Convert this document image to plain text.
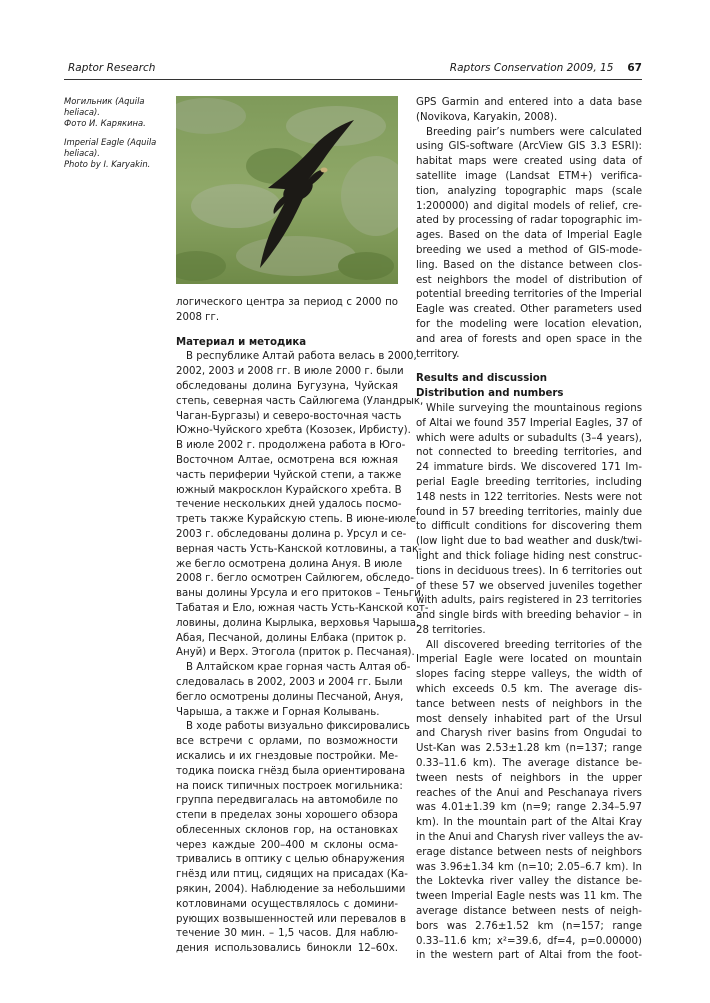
Raptor Research	Raptors Conservation 2009, 15 67
Могильник (Aquila
heliaca).
Фото И. Карякина.
Imperial Eagle (Aquila
heliaca).
Photo by I. Karyakin.
логического центра за период с 2000 по
2008 гг.
Материал и методика
В республике Алтай работа велась в 2000,
2002, 2003 и 2008 гг. В июле 2000 г. были
обследованы долина Бугузуна, Чуйская
степь, северная часть Сайлюгема (Уландрык,
Чаган-Бургазы) и северо-восточная часть
Южно-Чуйского хребта (Козозек, Ирбисту).
В июле 2002 г. продолжена работа в Юго-
Восточном Алтае, осмотрена вся южная
часть периферии Чуйской степи, а также
южный макросклон Курайского хребта. В
течение нескольких дней удалось посмо-
треть также Курайскую степь. В июне-июле
2003 г. обследованы долина р. Урсул и се-
верная часть Усть-Канской котловины, а так-
же бегло осмотрена долина Ануя. В июле
2008 г. бегло осмотрен Сайлюгем, обследо-
ваны долины Урсула и его притоков – Теньги,
Табатая и Ело, южная часть Усть-Канской кот-
ловины, долина Кырлыка, верховья Чарыша,
Абая, Песчаной, долины Елбака (приток р.
Ануй) и Верх. Этогола (приток р. Песчаная).
В Алтайском крае горная часть Алтая об-
следовалась в 2002, 2003 и 2004 гг. Были
бегло осмотрены долины Песчаной, Ануя,
Чарыша, а также и Горная Колывань.
В ходе работы визуально фиксировались
все встречи с орлами, по возможности
искались и их гнездовые постройки. Ме-
тодика поиска гнёзд была ориентирована
на поиск типичных построек могильника:
группа передвигалась на автомобиле по
степи в пределах зоны хорошего обзора
облесенных склонов гор, на остановках
через каждые 200–400 м склоны осма-
тривались в оптику с целью обнаружения
гнёзд или птиц, сидящих на присадах (Ка-
рякин, 2004). Наблюдение за небольшими
котловинами осуществлялось с домини-
рующих возвышенностей или перевалов в
течение 30 мин. – 1,5 часов. Для наблю-
дения использовались бинокли 12–60х.
GPS Garmin and entered into a data base
(Novikova, Karyakin, 2008).
Breeding pair’s numbers were calculated
using GIS-software (ArcView GIS 3.3 ESRI):
habitat maps were created using data of
satellite image (Landsat ETM+) verifica-
tion, analyzing topographic maps (scale
1:200000) and digital models of relief, cre-
ated by processing of radar topographic im-
ages. Based on the data of Imperial Eagle
breeding we used a method of GIS-mode-
ling. Based on the distance between clos-
est neighbors the model of distribution of
potential breeding territories of the Imperial
Eagle was created. Other parameters used
for the modeling were location elevation,
and area of forests and open space in the
territory.
Results and discussion
Distribution and numbers
While surveying the mountainous regions
of Altai we found 357 Imperial Eagles, 37 of
which were adults or subadults (3–4 years),
not connected to breeding territories, and
24 immature birds. We discovered 171 Im-
perial Eagle breeding territories, including
148 nests in 122 territories. Nests were not
found in 57 breeding territories, mainly due
to difficult conditions for discovering them
(low light due to bad weather and dusk/twi-
light and thick foliage hiding nest construc-
tions in deciduous trees). In 6 territories out
of these 57 we observed juveniles together
with adults, pairs registered in 23 territories
and single birds with breeding behavior – in
28 territories.
All discovered breeding territories of the
Imperial Eagle were located on mountain
slopes facing steppe valleys, the width of
which exceeds 0.5 km. The average dis-
tance between nests of neighbors in the
most densely inhabited part of the Ursul
and Charysh river basins from Ongudai to
Ust-Kan was 2.53±1.28 km (n=137; range
0.33–11.6 km). The average distance be-
tween nests of neighbors in the upper
reaches of the Anui and Peschanaya rivers
was 4.01±1.39 km (n=9; range 2.34–5.97
km). In the mountain part of the Altai Kray
in the Anui and Charysh river valleys the av-
erage distance between nests of neighbors
was 3.96±1.34 km (n=10; 2.05–6.7 km). In
the Loktevka river valley the distance be-
tween Imperial Eagle nests was 11 km. The
average distance between nests of neigh-
bors was 2.76±1.52 km (n=157; range
0.33–11.6 km; x²=39.6, df=4, p=0.00000)
in the western part of Altai from the foot-
